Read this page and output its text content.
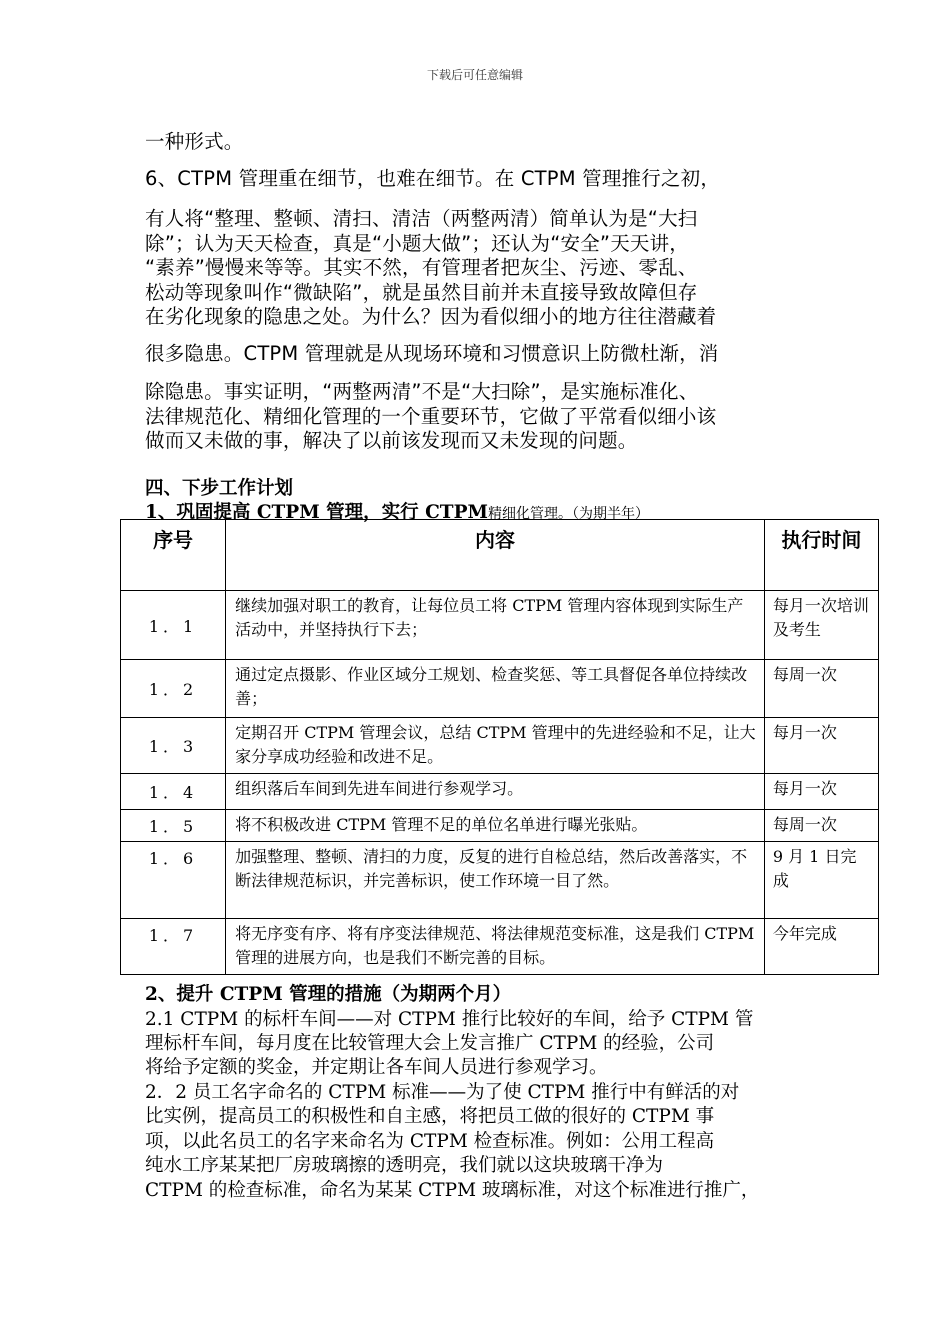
下载后可任意编辑
一种形式。
6、CTPM 管理重在细节，也难在细节。在 CTPM 管理推行之初，
有人将“整理、整顿、清扫、清洁（两整两清）简单认为是“大扫
除”；认为天天检查，真是“小题大做”；还认为“安全”天天讲，
“素养”慢慢来等等。其实不然，有管理者把灰尘、污迹、零乱、
松动等现象叫作“微缺陷”，就是虽然目前并未直接导致故障但存
在劣化现象的隐患之处。为什么？因为看似细小的地方往往潜藏着
很多隐患。CTPM 管理就是从现场环境和习惯意识上防微杜渐，消
除隐患。事实证明，“两整两清”不是“大扫除”，是实施标准化、
法律规范化、精细化管理的一个重要环节，它做了平常看似细小该
做而又未做的事，解决了以前该发现而又未发现的问题。
四、下步工作计划
1、巩固提高 CTPM 管理，实行 CTPM精细化管理。（为期半年）
序号	内容	执行时间
1．1	继续加强对职工的教育，让每位员工将 CTPM 管理内容体现到实际生产活动中，并坚持执行下去；	每月一次培训及考生
1．2	通过定点摄影、作业区域分工规划、检查奖惩、等工具督促各单位持续改善；	每周一次
1．3	定期召开 CTPM 管理会议，总结 CTPM 管理中的先进经验和不足，让大家分享成功经验和改进不足。	每月一次
1．4	组织落后车间到先进车间进行参观学习。	每月一次
1．5	将不积极改进 CTPM 管理不足的单位名单进行曝光张贴。	每周一次
1．6	加强整理、整顿、清扫的力度，反复的进行自检总结，然后改善落实，不断法律规范标识，并完善标识，使工作环境一目了然。	9 月 1 日完成
1．7	将无序变有序、将有序变法律规范、将法律规范变标准，这是我们 CTPM 管理的进展方向，也是我们不断完善的目标。	今年完成
2、提升 CTPM 管理的措施（为期两个月）
2.1 CTPM 的标杆车间——对 CTPM 推行比较好的车间，给予 CTPM 管
理标杆车间，每月度在比较管理大会上发言推广 CTPM 的经验，公司
将给予定额的奖金，并定期让各车间人员进行参观学习。
2．2 员工名字命名的 CTPM 标准——为了使 CTPM 推行中有鲜活的对
比实例，提高员工的积极性和自主感，将把员工做的很好的 CTPM 事
项，以此名员工的名字来命名为 CTPM 检查标准。例如：公用工程高
纯水工序某某把厂房玻璃擦的透明亮，我们就以这块玻璃干净为
CTPM 的检查标准，命名为某某 CTPM 玻璃标准，对这个标准进行推广，
